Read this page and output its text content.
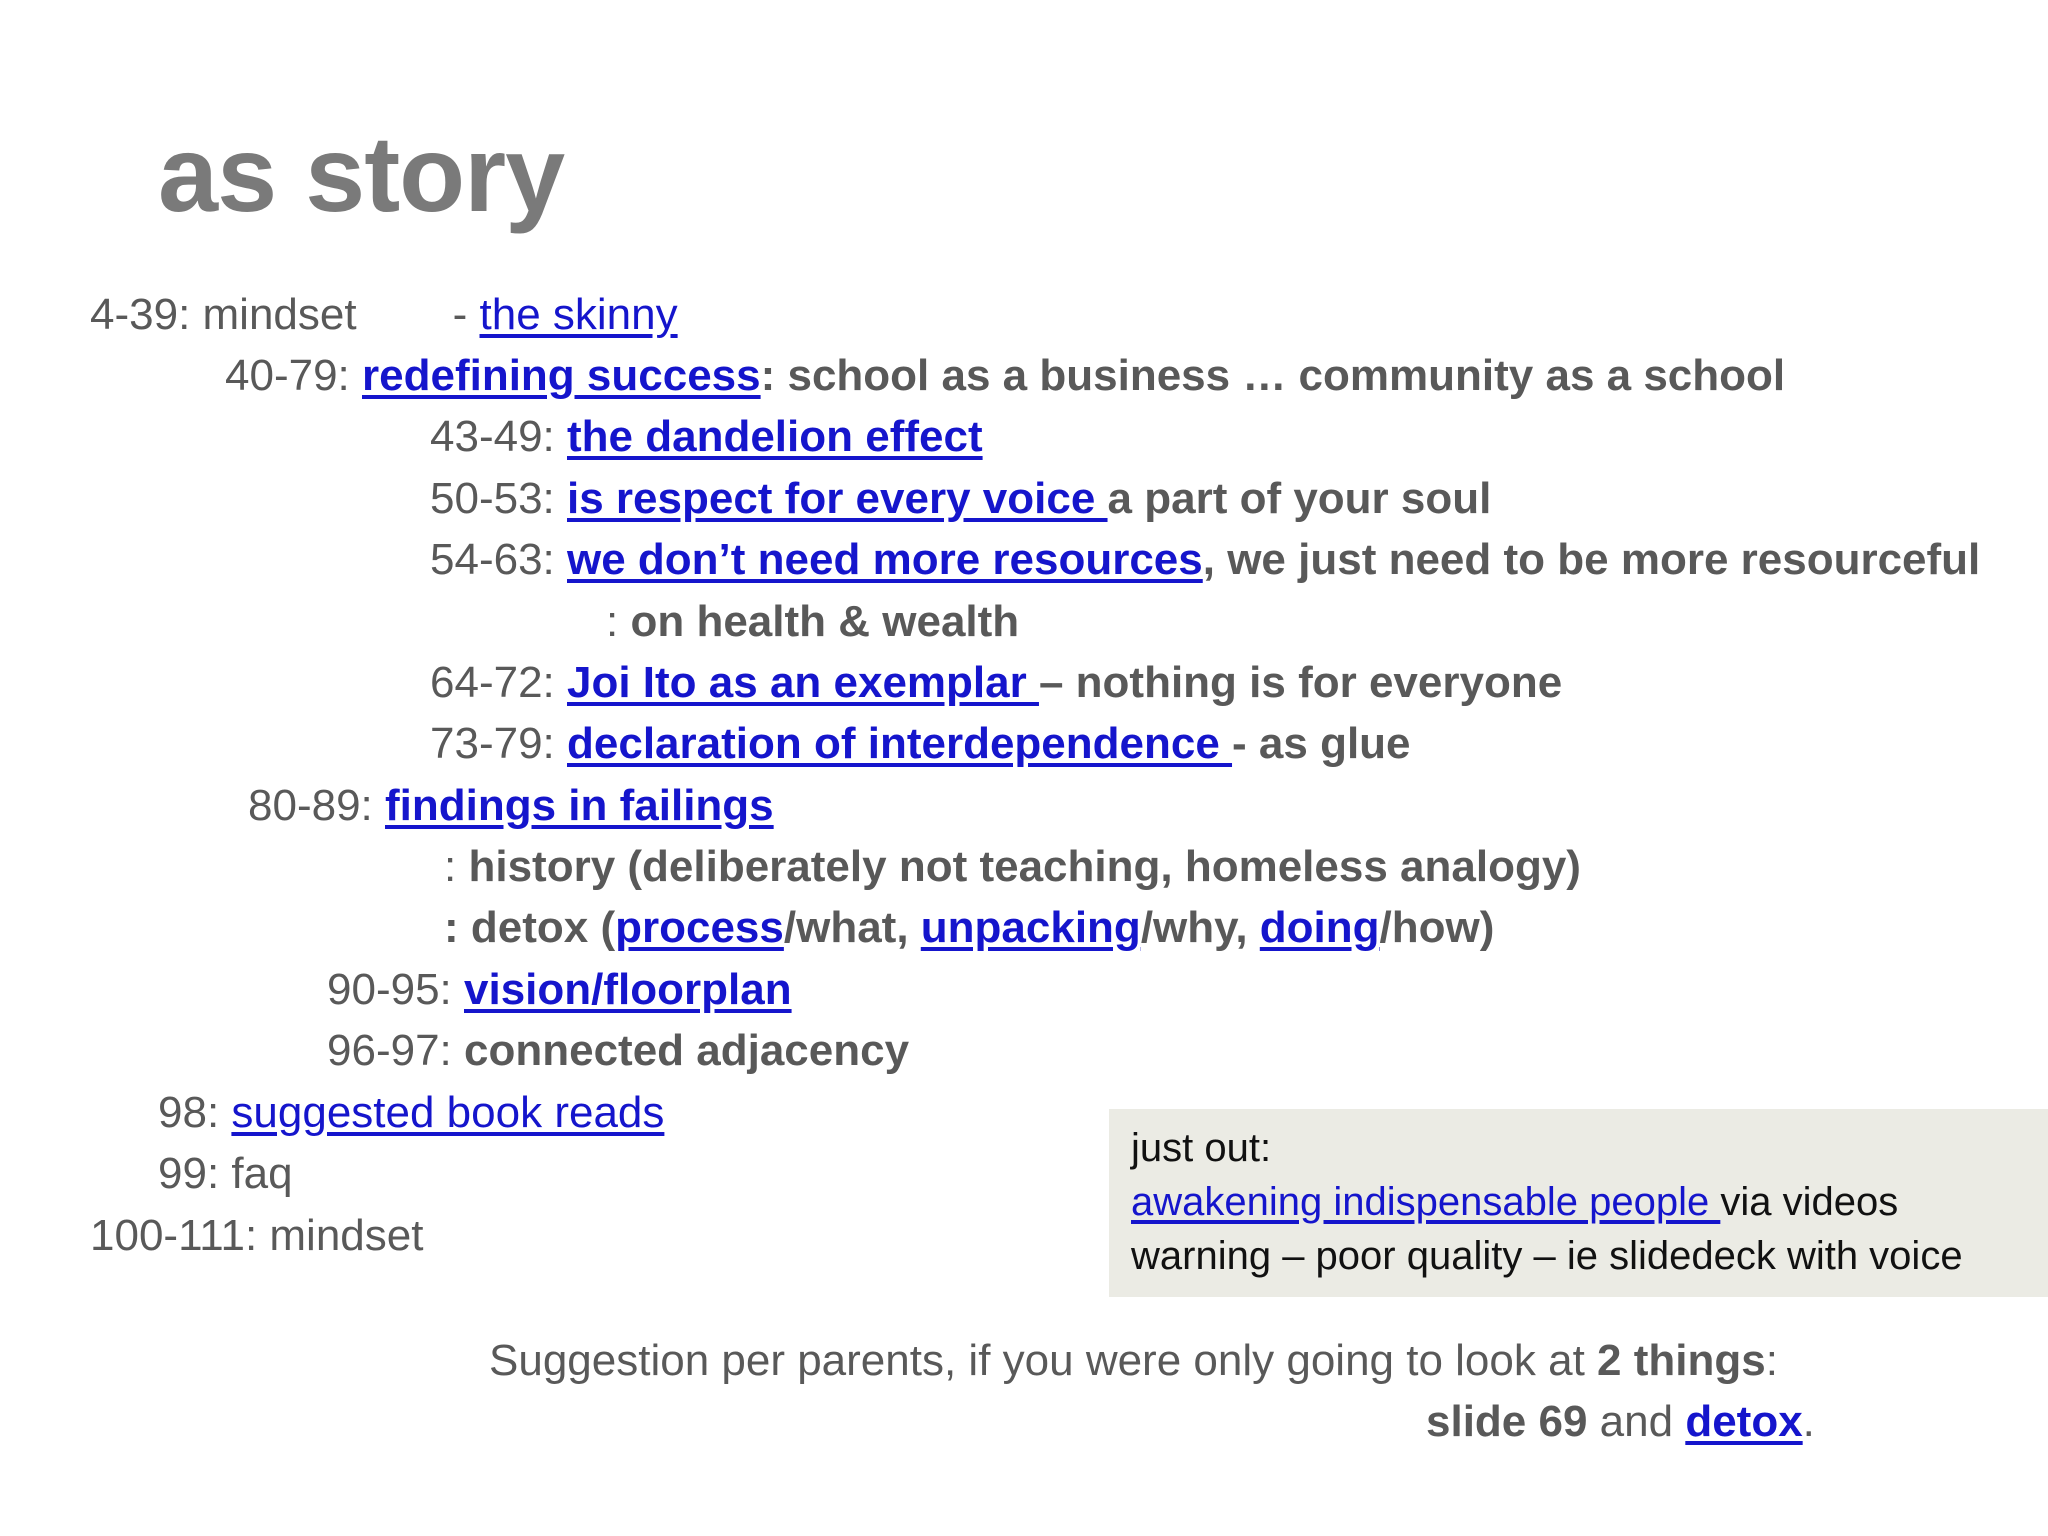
as story
4-39: mindset - the skinny
40-79: redefining success: school as a business … community as a school
43-49: the dandelion effect
50-53: is respect for every voice a part of your soul
54-63: we don’t need more resources, we just need to be more resourceful
: on health & wealth
64-72: Joi Ito as an exemplar – nothing is for everyone
73-79: declaration of interdependence - as glue
80-89: findings in failings
: history (deliberately not teaching, homeless analogy)
: detox (process/what, unpacking/why, doing/how)
90-95: vision/floorplan
96-97: connected adjacency
98: suggested book reads
99: faq
100-111: mindset
just out:
awakening indispensable people via videos
warning – poor quality – ie slidedeck with voice
Suggestion per parents, if you were only going to look at 2 things:
slide 69 and detox.
